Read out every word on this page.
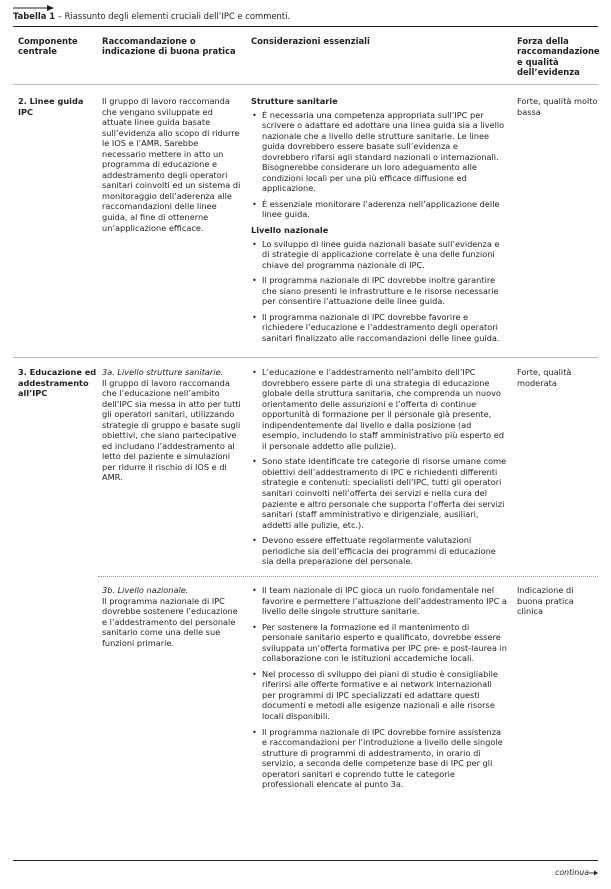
Tabella 1 – Riassunto degli elementi cruciali dell’IPC e commenti.
Componente centrale
Raccomandazione o indicazione di buona pratica
Considerazioni essenziali	Forza della raccomandazione e qualità dell’evidenza
2. Linee guida IPC
Il gruppo di lavoro raccomanda che vengano sviluppate ed attuate linee guida basate sull’evidenza allo scopo di ridurre le IOS e l’AMR. Sarebbe necessario mettere in atto un programma di educazione e addestramento degli operatori sanitari coinvolti ed un sistema di monitoraggio dell’aderenza alle raccomandazioni delle linee guida, al fine di ottenerne un’applicazione efficace.
Strutture sanitarie
• È necessaria una competenza appropriata sull’IPC per scrivere o adattare ed adottare una linea guida sia a livello nazionale che a livello delle strutture sanitarie. Le linee guida dovrebbero essere basate sull’evidenza e dovrebbero rifarsi agli standard nazionali o internazionali. Bisognerebbe considerare un loro adeguamento alle condizioni locali per una più efficace diffusione ed applicazione.
• È essenziale monitorare l’aderenza nell’applicazione delle linee guida.
Livello nazionale
• Lo sviluppo di linee guida nazionali basate sull’evidenza e di strategie di applicazione correlate è una delle funzioni chiave del programma nazionale di IPC.
• Il programma nazionale di IPC dovrebbe inoltre garantire che siano presenti le infrastrutture e le risorse necessarie per consentire l’attuazione delle linee guida.
• Il programma nazionale di IPC dovrebbe favorire e richiedere l’educazione e l’addestramento degli operatori sanitari finalizzato alle raccomandazioni delle linee guida.
Forte, qualità molto bassa
3. Educazione ed addestramento all’IPC
3a. Livello strutture sanitarie.
Il gruppo di lavoro raccomanda che l’educazione nell’ambito dell’IPC sia messa in atto per tutti gli operatori sanitari, utilizzando strategie di gruppo e basate sugli obiettivi, che siano partecipative ed includano l’addestramento al letto del paziente e simulazioni per ridurre il rischio di IOS e di AMR.
• L’educazione e l’addestramento nell’ambito dell’IPC dovrebbero essere parte di una strategia di educazione globale della struttura sanitaria, che comprenda un nuovo orientamento delle assunzioni e l’offerta di continue opportunità di formazione per il personale già presente, indipendentemente dal livello e dalla posizione (ad esempio, includendo lo staff amministrativo più esperto ed il personale addetto alle pulizie).
• Sono state identificate tre categorie di risorse umane come obiettivi dell’addestramento di IPC e richiedenti differenti strategie e contenuti: specialisti dell’IPC, tutti gli operatori sanitari coinvolti nell’offerta dei servizi e nella cura del paziente e altro personale che supporta l’offerta dei servizi sanitari (staff amministrativo e dirigenziale, ausiliari, addetti alle pulizie, etc.).
• Devono essere effettuate regolarmente valutazioni periodiche sia dell’efficacia dei programmi di educazione sia della preparazione del personale.
Forte, qualità moderata
3b. Livello nazionale.
Il programma nazionale di IPC dovrebbe sostenere l’educazione e l’addestramento del personale sanitario come una delle sue funzioni primarie.
• Il team nazionale di IPC gioca un ruolo fondamentale nel favorire e permettere l’attuazione dell’addestramento IPC a livello delle singole strutture sanitarie.
• Per sostenere la formazione ed il mantenimento di personale sanitario esperto e qualificato, dovrebbe essere sviluppata un’offerta formativa per IPC pre- e post-laurea in collaborazione con le istituzioni accademiche locali.
• Nel processo di sviluppo dei piani di studio è consigliabile riferirsi alle offerte formative e ai network internazionali per programmi di IPC specializzati ed adattare questi documenti e metodi alle esigenze nazionali e alle risorse locali disponibili.
• Il programma nazionale di IPC dovrebbe fornire assistenza e raccomandazioni per l’introduzione a livello delle singole strutture di programmi di addestramento, in orario di servizio, a seconda delle competenze base di IPC per gli operatori sanitari e coprendo tutte le categorie professionali elencate al punto 3a.
Indicazione di buona pratica clinica
continua
